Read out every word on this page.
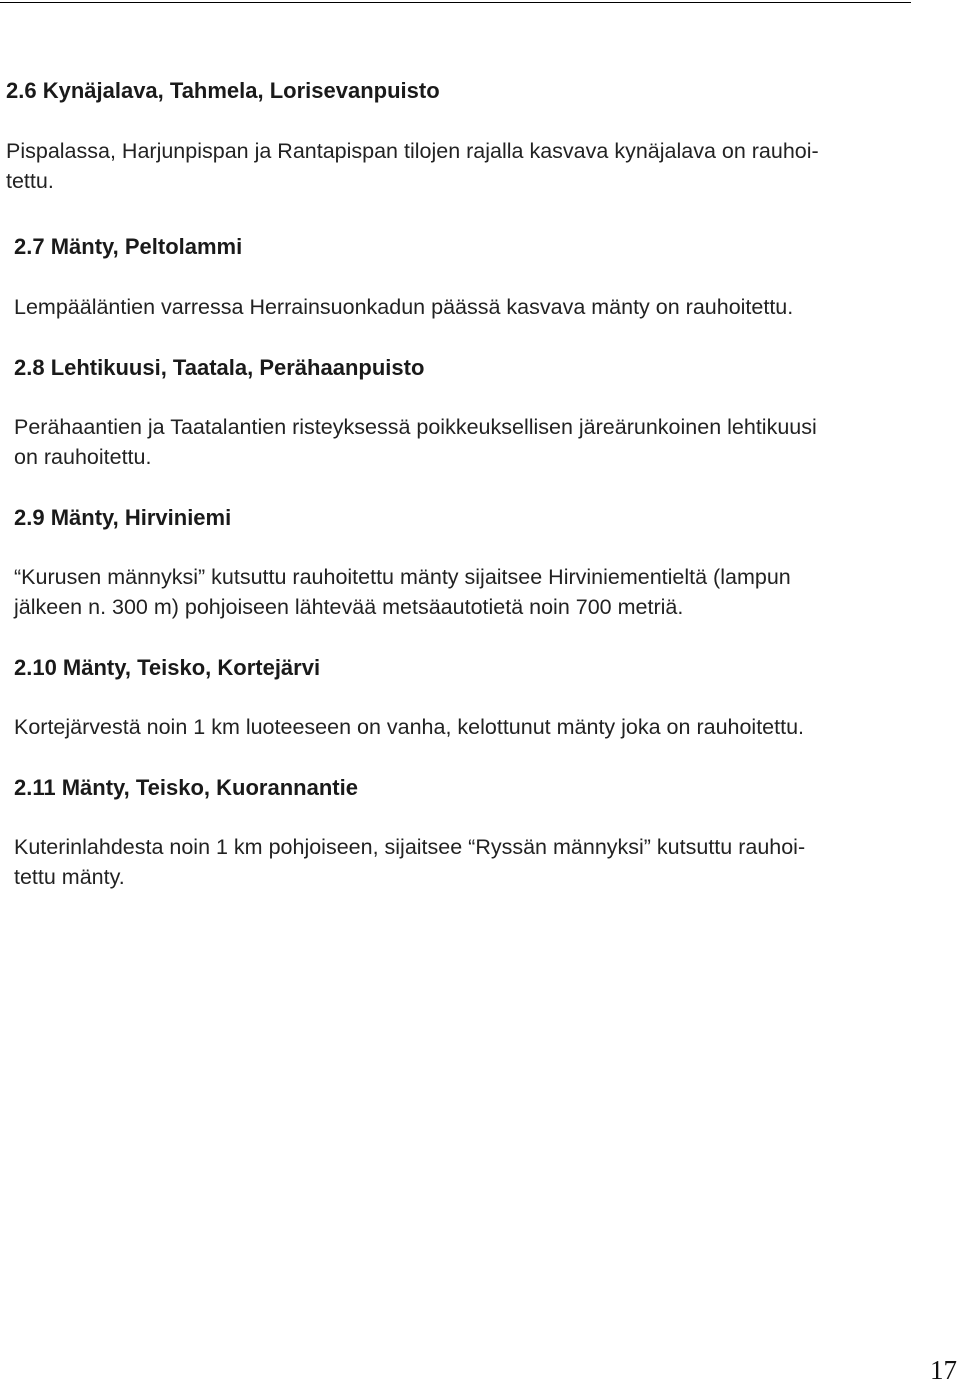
2.6 Kynäjalava, Tahmela, Lorisevanpuisto

Pispalassa, Harjunpispan ja Rantapispan tilojen rajalla kasvava kynäjalava on rauhoi-

tettu.

2.7 Mänty, Peltolammi

Lempääläntien varressa Herrainsuonkadun päässä kasvava mänty on rauhoitettu.

2.8 Lehtikuusi, Taatala, Perähaanpuisto

Perähaantien ja Taatalantien risteyksessä poikkeuksellisen järeärunkoinen lehtikuusi

on rauhoitettu.

2.9 Mänty, Hirviniemi

“Kurusen männyksi” kutsuttu rauhoitettu mänty sijaitsee Hirviniementieltä (lampun

jälkeen n. 300 m) pohjoiseen lähtevää metsäautotietä noin 700 metriä.

2.10 Mänty, Teisko, Kortejärvi

Kortejärvestä noin 1 km luoteeseen on vanha, kelottunut mänty joka on rauhoitettu.

2.11 Mänty, Teisko, Kuorannantie

Kuterinlahdesta noin 1 km pohjoiseen, sijaitsee “Ryssän männyksi” kutsuttu rauhoi-

tettu mänty.

17
